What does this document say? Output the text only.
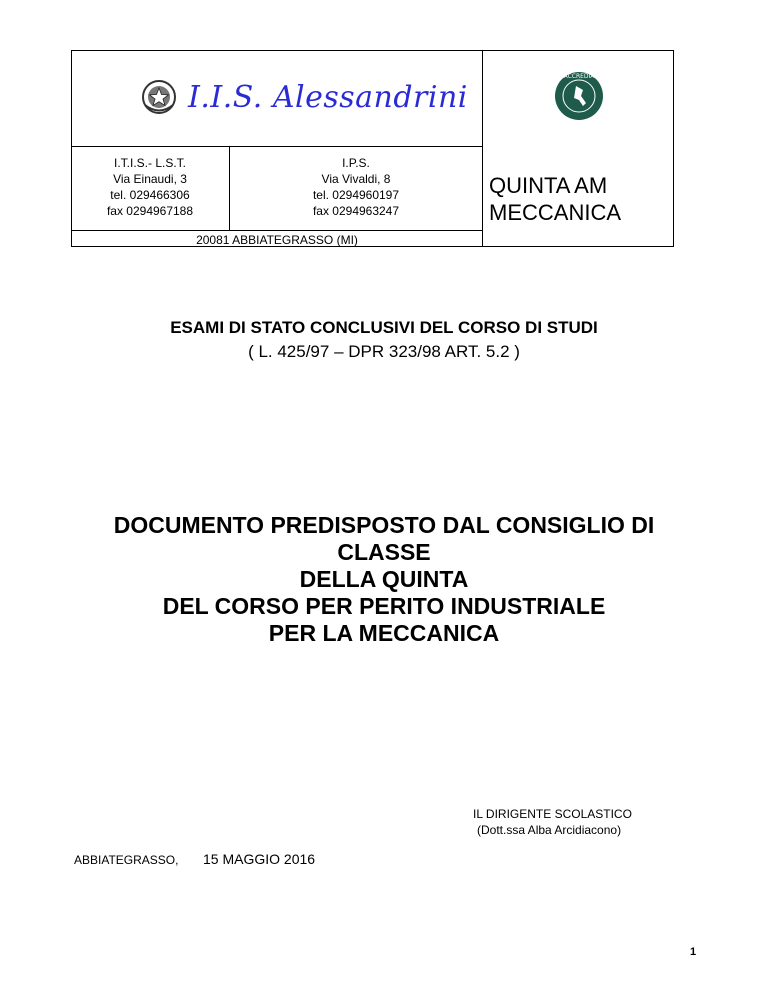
I.I.S. Alessandrini
ACCREDIA
I.T.I.S.- L.S.T.
Via Einaudi, 3
tel. 029466306
fax 0294967188
I.P.S.
Via Vivaldi, 8
tel. 0294960197
fax 0294963247
QUINTA AM
MECCANICA
20081 ABBIATEGRASSO (MI)
ESAMI DI STATO CONCLUSIVI DEL CORSO DI STUDI
( L. 425/97 – DPR 323/98 ART. 5.2 )
DOCUMENTO PREDISPOSTO DAL CONSIGLIO DI
CLASSE
DELLA QUINTA
DEL CORSO PER PERITO INDUSTRIALE
PER LA MECCANICA
IL DIRIGENTE SCOLASTICO
(Dott.ssa Alba Arcidiacono)
ABBIATEGRASSO, 15 MAGGIO 2016
1
